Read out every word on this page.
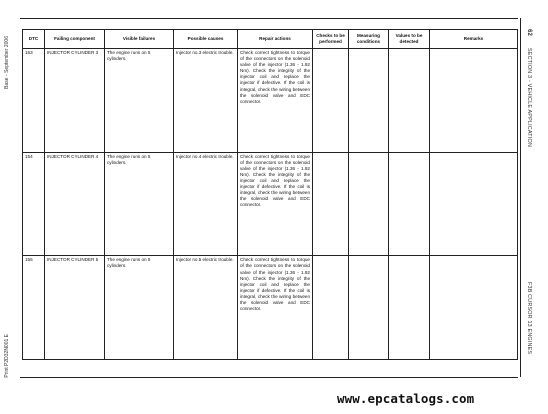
Base - September 2006
Print P2D32N001 E
DTC	Failing component	Visible failures	Possible causes	Repair actions	Checks to be performed	Measuring conditions	Values to be detected	Remarks
153	INJECTOR CYLINDER 3	The engine runs on 5 cylinders.	Injector no.3 electric trouble.	Check correct tightness to torque of the connectors on the solenoid valve of the injector (1.36 - 1.92 Nm). Check the integrity of the injector coil and replace the injector if defective. If the coil is integral, check the wiring between the solenoid valve and EDC connector.				
154	INJECTOR CYLINDER 4	The engine runs on 5 cylinders.	Injector no.4 electric trouble.	Check correct tightness to torque of the connectors on the solenoid valve of the injector (1.36 - 1.92 Nm). Check the integrity of the injector coil and replace the injector if defective. If the coil is integral, check the wiring between the solenoid valve and EDC connector.				
155	INJECTOR CYLINDER 5	The engine runs on 5 cylinders.	Injector no.5 electric trouble.	Check correct tightness to torque of the connectors on the solenoid valve of the injector (1.36 - 1.92 Nm). Check the integrity of the injector coil and replace the injector if defective. If the coil is integral, check the wiring between the solenoid valve and EDC connector.				
62
SECTION 3 - VEHICLE APPLICATION
F3B CURSOR 13 ENGINES
www.epcatalogs.com
